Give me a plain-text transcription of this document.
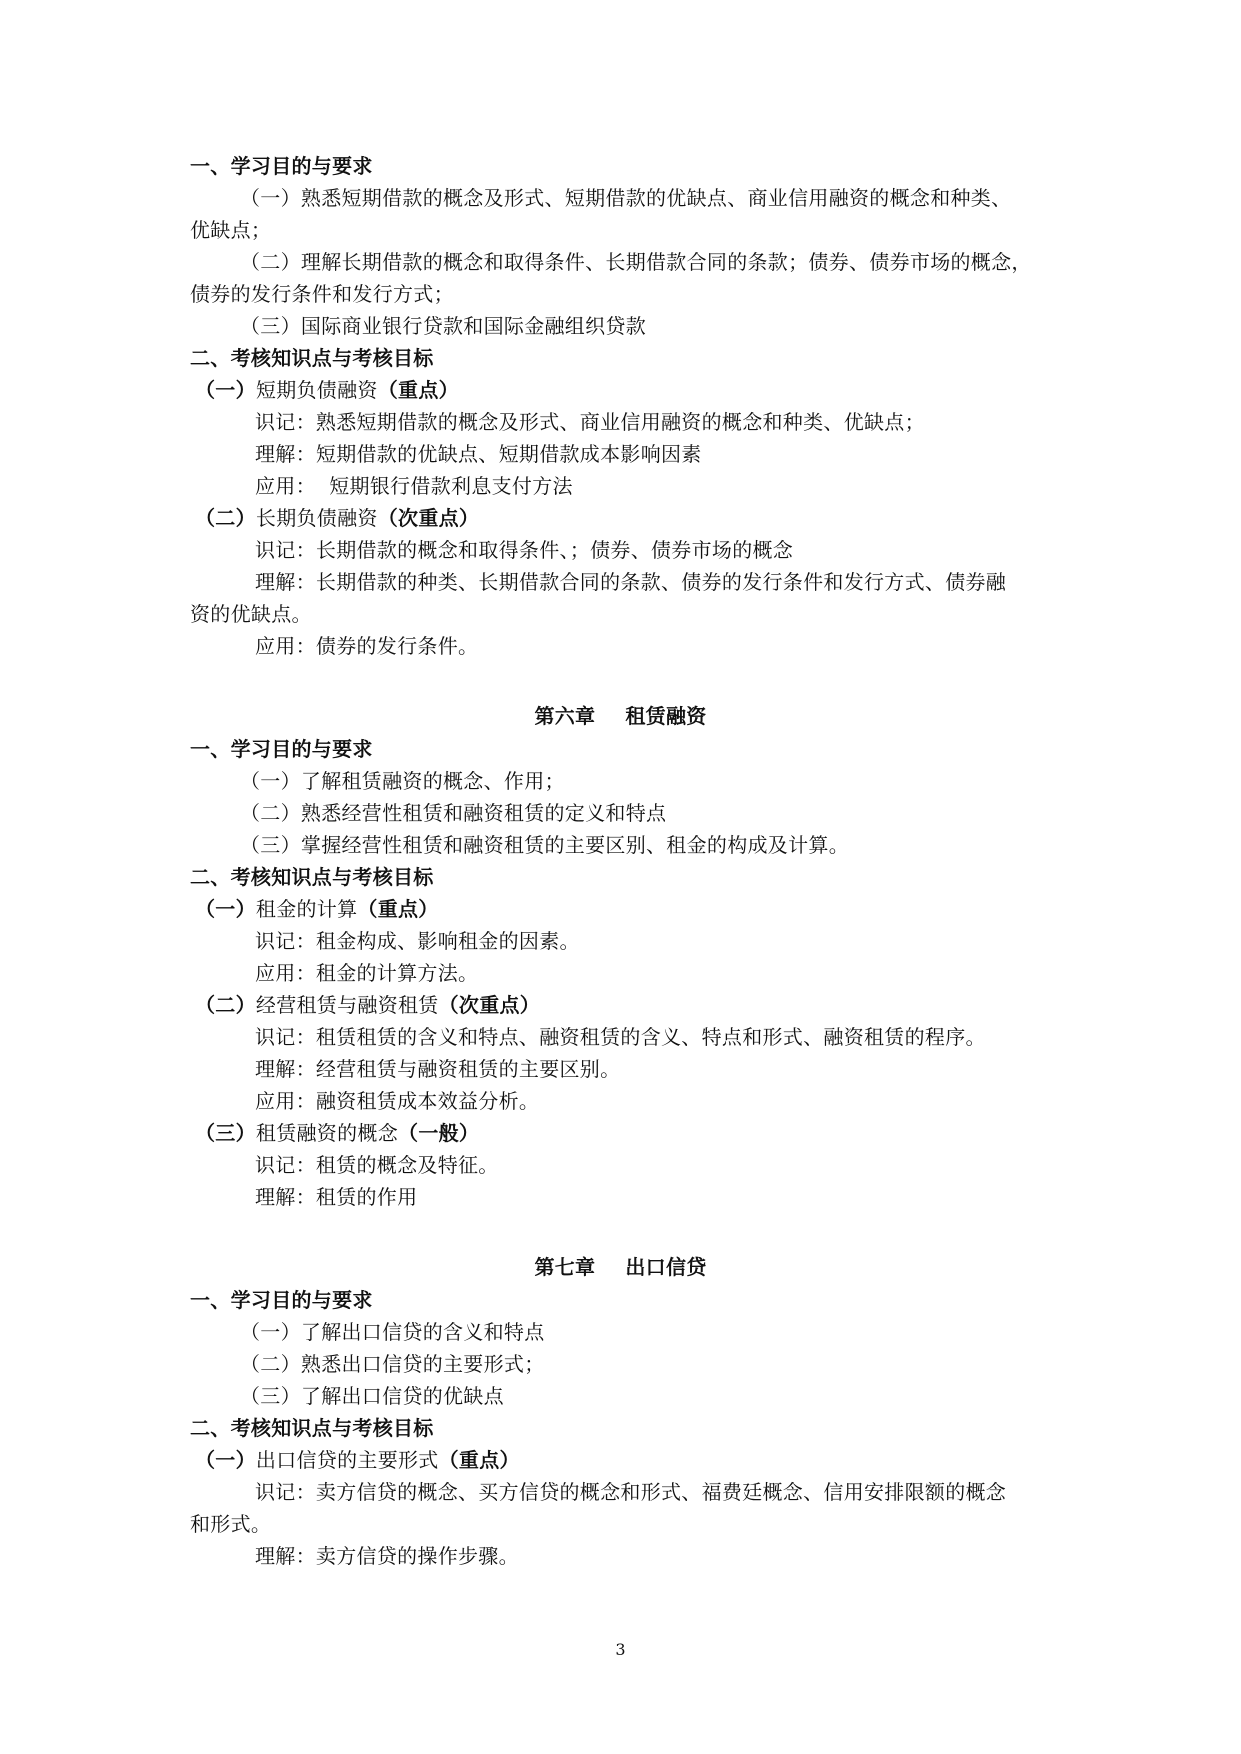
一、学习目的与要求
（一）熟悉短期借款的概念及形式、短期借款的优缺点、商业信用融资的概念和种类、
优缺点；
（二）理解长期借款的概念和取得条件、长期借款合同的条款；债券、债券市场的概念，
债券的发行条件和发行方式；
（三）国际商业银行贷款和国际金融组织贷款
二、考核知识点与考核目标
（一）短期负债融资（重点）
识记：熟悉短期借款的概念及形式、商业信用融资的概念和种类、优缺点；
理解：短期借款的优缺点、短期借款成本影响因素
应用：  短期银行借款利息支付方法
（二）长期负债融资（次重点）
识记：长期借款的概念和取得条件、；债券、债券市场的概念
理解：长期借款的种类、长期借款合同的条款、债券的发行条件和发行方式、债券融
资的优缺点。
应用：债券的发行条件。
第六章 租赁融资
一、学习目的与要求
（一）了解租赁融资的概念、作用；
（二）熟悉经营性租赁和融资租赁的定义和特点
（三）掌握经营性租赁和融资租赁的主要区别、租金的构成及计算。
二、考核知识点与考核目标
（一）租金的计算（重点）
识记：租金构成、影响租金的因素。
应用：租金的计算方法。
（二）经营租赁与融资租赁（次重点）
识记：租赁租赁的含义和特点、融资租赁的含义、特点和形式、融资租赁的程序。
理解：经营租赁与融资租赁的主要区别。
应用：融资租赁成本效益分析。
（三）租赁融资的概念（一般）
识记：租赁的概念及特征。
理解：租赁的作用
第七章 出口信贷
一、学习目的与要求
（一）了解出口信贷的含义和特点
（二）熟悉出口信贷的主要形式；
（三）了解出口信贷的优缺点
二、考核知识点与考核目标
（一）出口信贷的主要形式（重点）
识记：卖方信贷的概念、买方信贷的概念和形式、福费廷概念、信用安排限额的概念
和形式。
理解：卖方信贷的操作步骤。
3
